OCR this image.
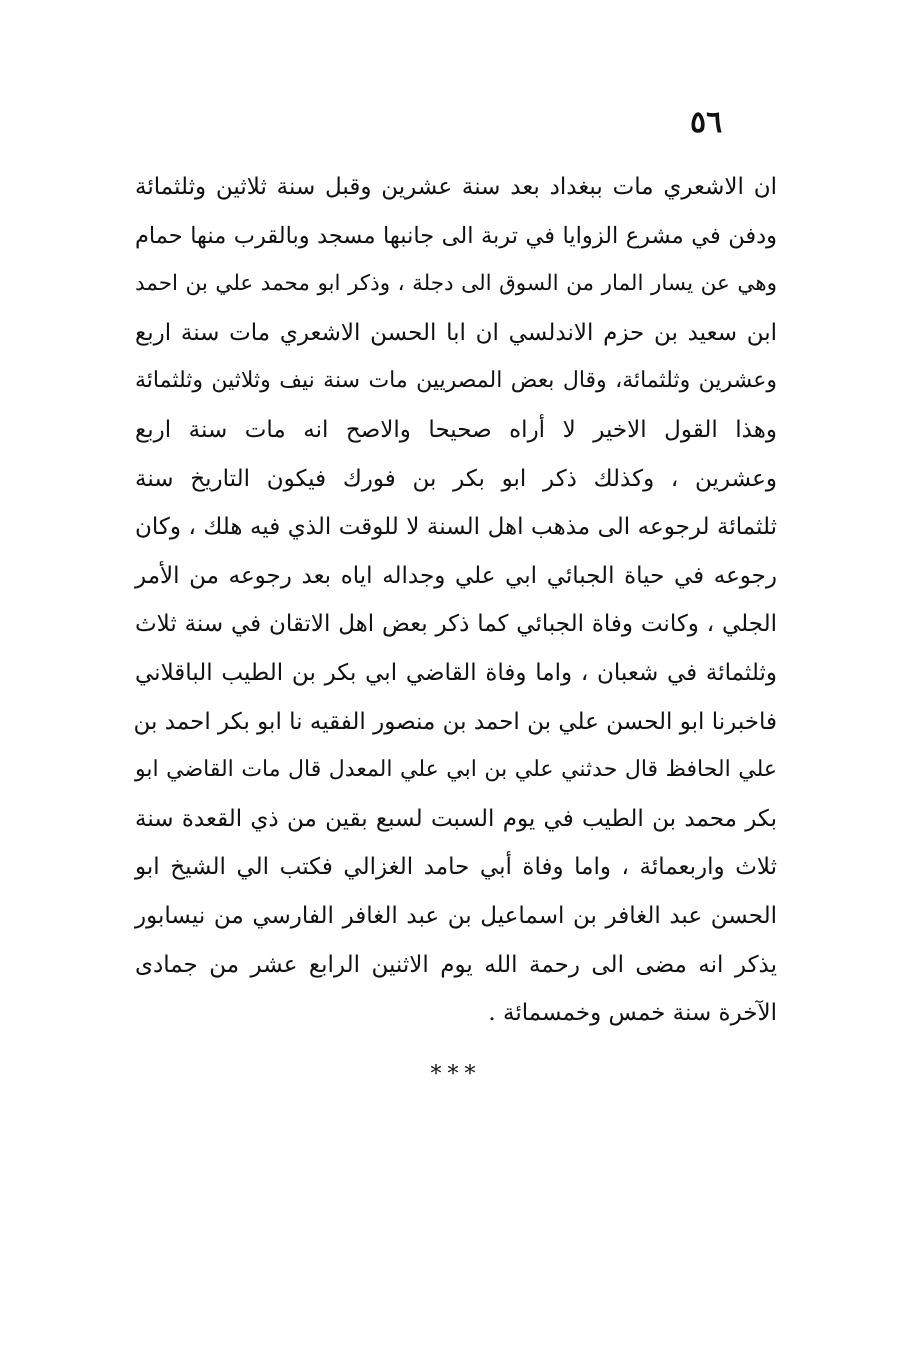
٥٦
ان الاشعري مات ببغداد بعد سنة عشرين وقبل سنة ثلاثين وثلثمائة
ودفن في مشرع الزوايا في تربة الى جانبها مسجد وبالقرب منها حمام
وهي عن يسار المار من السوق الى دجلة ، وذكر ابو محمد علي بن احمد
ابن سعيد بن حزم الاندلسي ان ابا الحسن الاشعري مات سنة اربع
وعشرين وثلثمائة، وقال بعض المصريين مات سنة نيف وثلاثين وثلثمائة
وهذا القول الاخير لا أراه صحيحا والاصح انه مات سنة اربع
وعشرين ، وكذلك ذكر ابو بكر بن فورك فيكون التاريخ سنة
ثلثمائة لرجوعه الى مذهب اهل السنة لا للوقت الذي فيه هلك ، وكان
رجوعه في حياة الجبائي ابي علي وجداله اياه بعد رجوعه من الأمر
الجلي ، وكانت وفاة الجبائي كما ذكر بعض اهل الاتقان في سنة ثلاث
وثلثمائة في شعبان ، واما وفاة القاضي ابي بكر بن الطيب الباقلاني
فاخبرنا ابو الحسن علي بن احمد بن منصور الفقيه نا ابو بكر احمد بن
علي الحافظ قال حدثني علي بن ابي علي المعدل قال مات القاضي ابو
بكر محمد بن الطيب في يوم السبت لسبع بقين من ذي القعدة سنة
ثلاث واربعمائة ، واما وفاة أبي حامد الغزالي فكتب الي الشيخ ابو
الحسن عبد الغافر بن اسماعيل بن عبد الغافر الفارسي من نيسابور
يذكر انه مضى الى رحمة الله يوم الاثنين الرابع عشر من جمادى
الآخرة سنة خمس وخمسمائة .
***
